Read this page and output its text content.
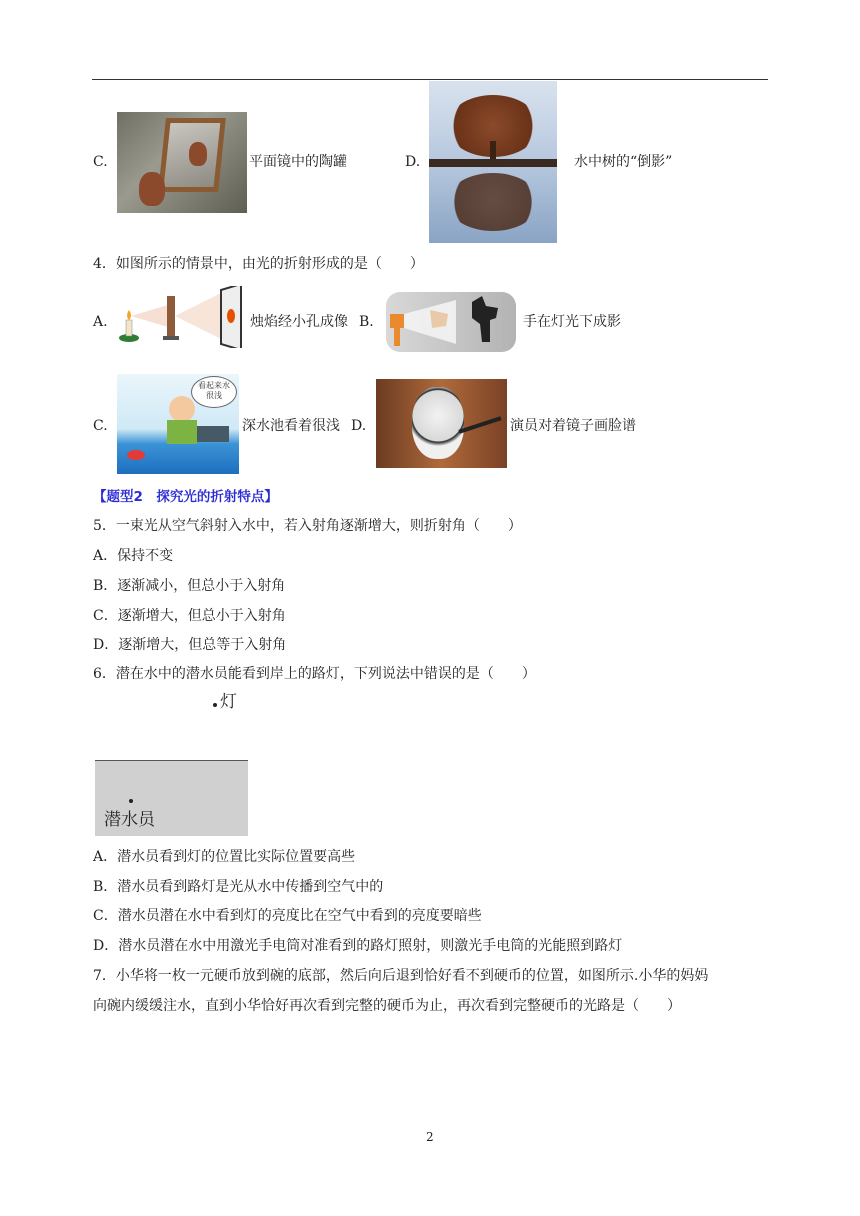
C.	平面镜中的陶罐	D.	水中树的“倒影”
4．如图所示的情景中，由光的折射形成的是（　　）
A.	烛焰经小孔成像 B.	手在灯光下成影
C.
看起来水很浅
深水池看着很浅 D.	演员对着镜子画脸谱
【题型2　探究光的折射特点】
5．一束光从空气斜射入水中，若入射角逐渐增大，则折射角（　　）
A．保持不变
B．逐渐减小，但总小于入射角
C．逐渐增大，但总小于入射角
D．逐渐增大，但总等于入射角
6．潜在水中的潜水员能看到岸上的路灯，下列说法中错误的是（　　）
灯
潜水员
A．潜水员看到灯的位置比实际位置要高些
B．潜水员看到路灯是光从水中传播到空气中的
C．潜水员潜在水中看到灯的亮度比在空气中看到的亮度要暗些
D．潜水员潜在水中用激光手电筒对准看到的路灯照射，则激光手电筒的光能照到路灯
7．小华将一枚一元硬币放到碗的底部，然后向后退到恰好看不到硬币的位置，如图所示.小华的妈妈
向碗内缓缓注水，直到小华恰好再次看到完整的硬币为止，再次看到完整硬币的光路是（　　）
2
